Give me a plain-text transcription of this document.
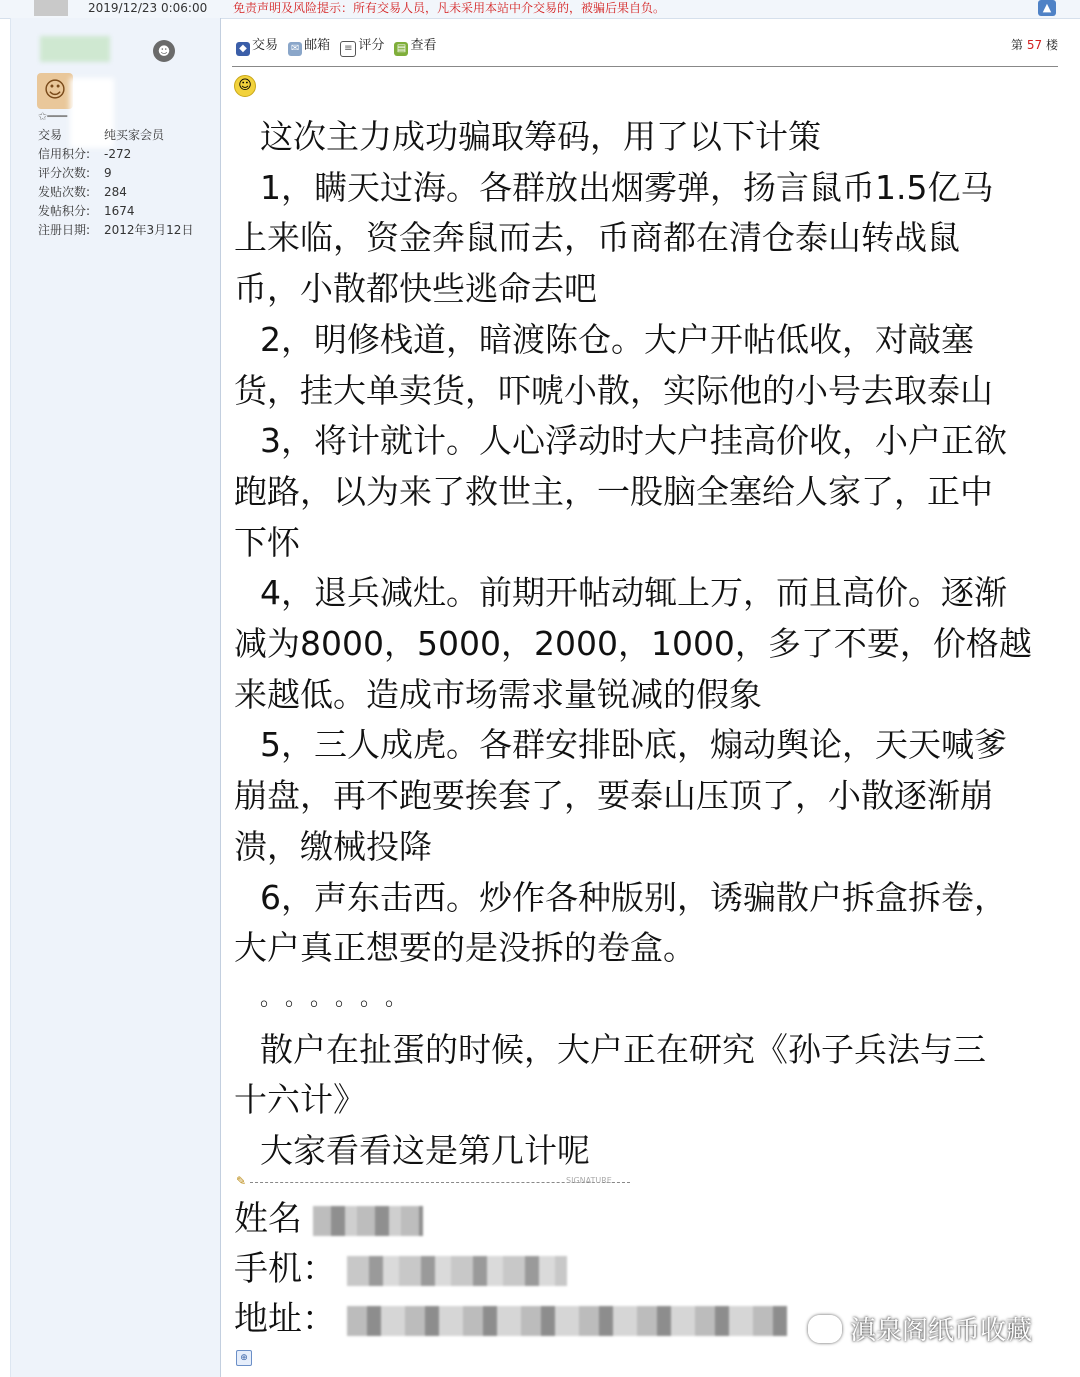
2019/12/23 0:06:00 免责声明及风险提示：所有交易人员，凡未采用本站中介交易的，被骗后果自负。	▲
☻
☺
✩━━━
交易	纯买家会员
信用积分: -272
评分次数: 9
发贴次数: 284
发帖积分: 1674
注册日期: 2012年3月12日
◆ 交易 ✉ 邮箱 ≡ 评分 ▤ 查看	第 57 楼
☺
这次主力成功骗取筹码，用了以下计策
1，瞒天过海。各群放出烟雾弹，扬言鼠币1.5亿马
上来临，资金奔鼠而去，币商都在清仓泰山转战鼠
币，小散都快些逃命去吧
2，明修栈道，暗渡陈仓。大户开帖低收，对敲塞
货，挂大单卖货，吓唬小散，实际他的小号去取泰山
3，将计就计。人心浮动时大户挂高价收，小户正欲
跑路，以为来了救世主，一股脑全塞给人家了，正中
下怀
4，退兵减灶。前期开帖动辄上万，而且高价。逐渐
减为8000，5000，2000，1000，多了不要，价格越
来越低。造成市场需求量锐减的假象
5，三人成虎。各群安排卧底，煽动舆论，天天喊爹
崩盘，再不跑要挨套了，要泰山压顶了，小散逐渐崩
溃，缴械投降
6，声东击西。炒作各种版别，诱骗散户拆盒拆卷，
大户真正想要的是没拆的卷盒。
。。。。。。
散户在扯蛋的时候，大户正在研究《孙子兵法与三
十六计》
大家看看这是第几计呢
✎	SIGNATURE
姓名
手机：
地址：
⊕
滇泉阁纸币收藏
